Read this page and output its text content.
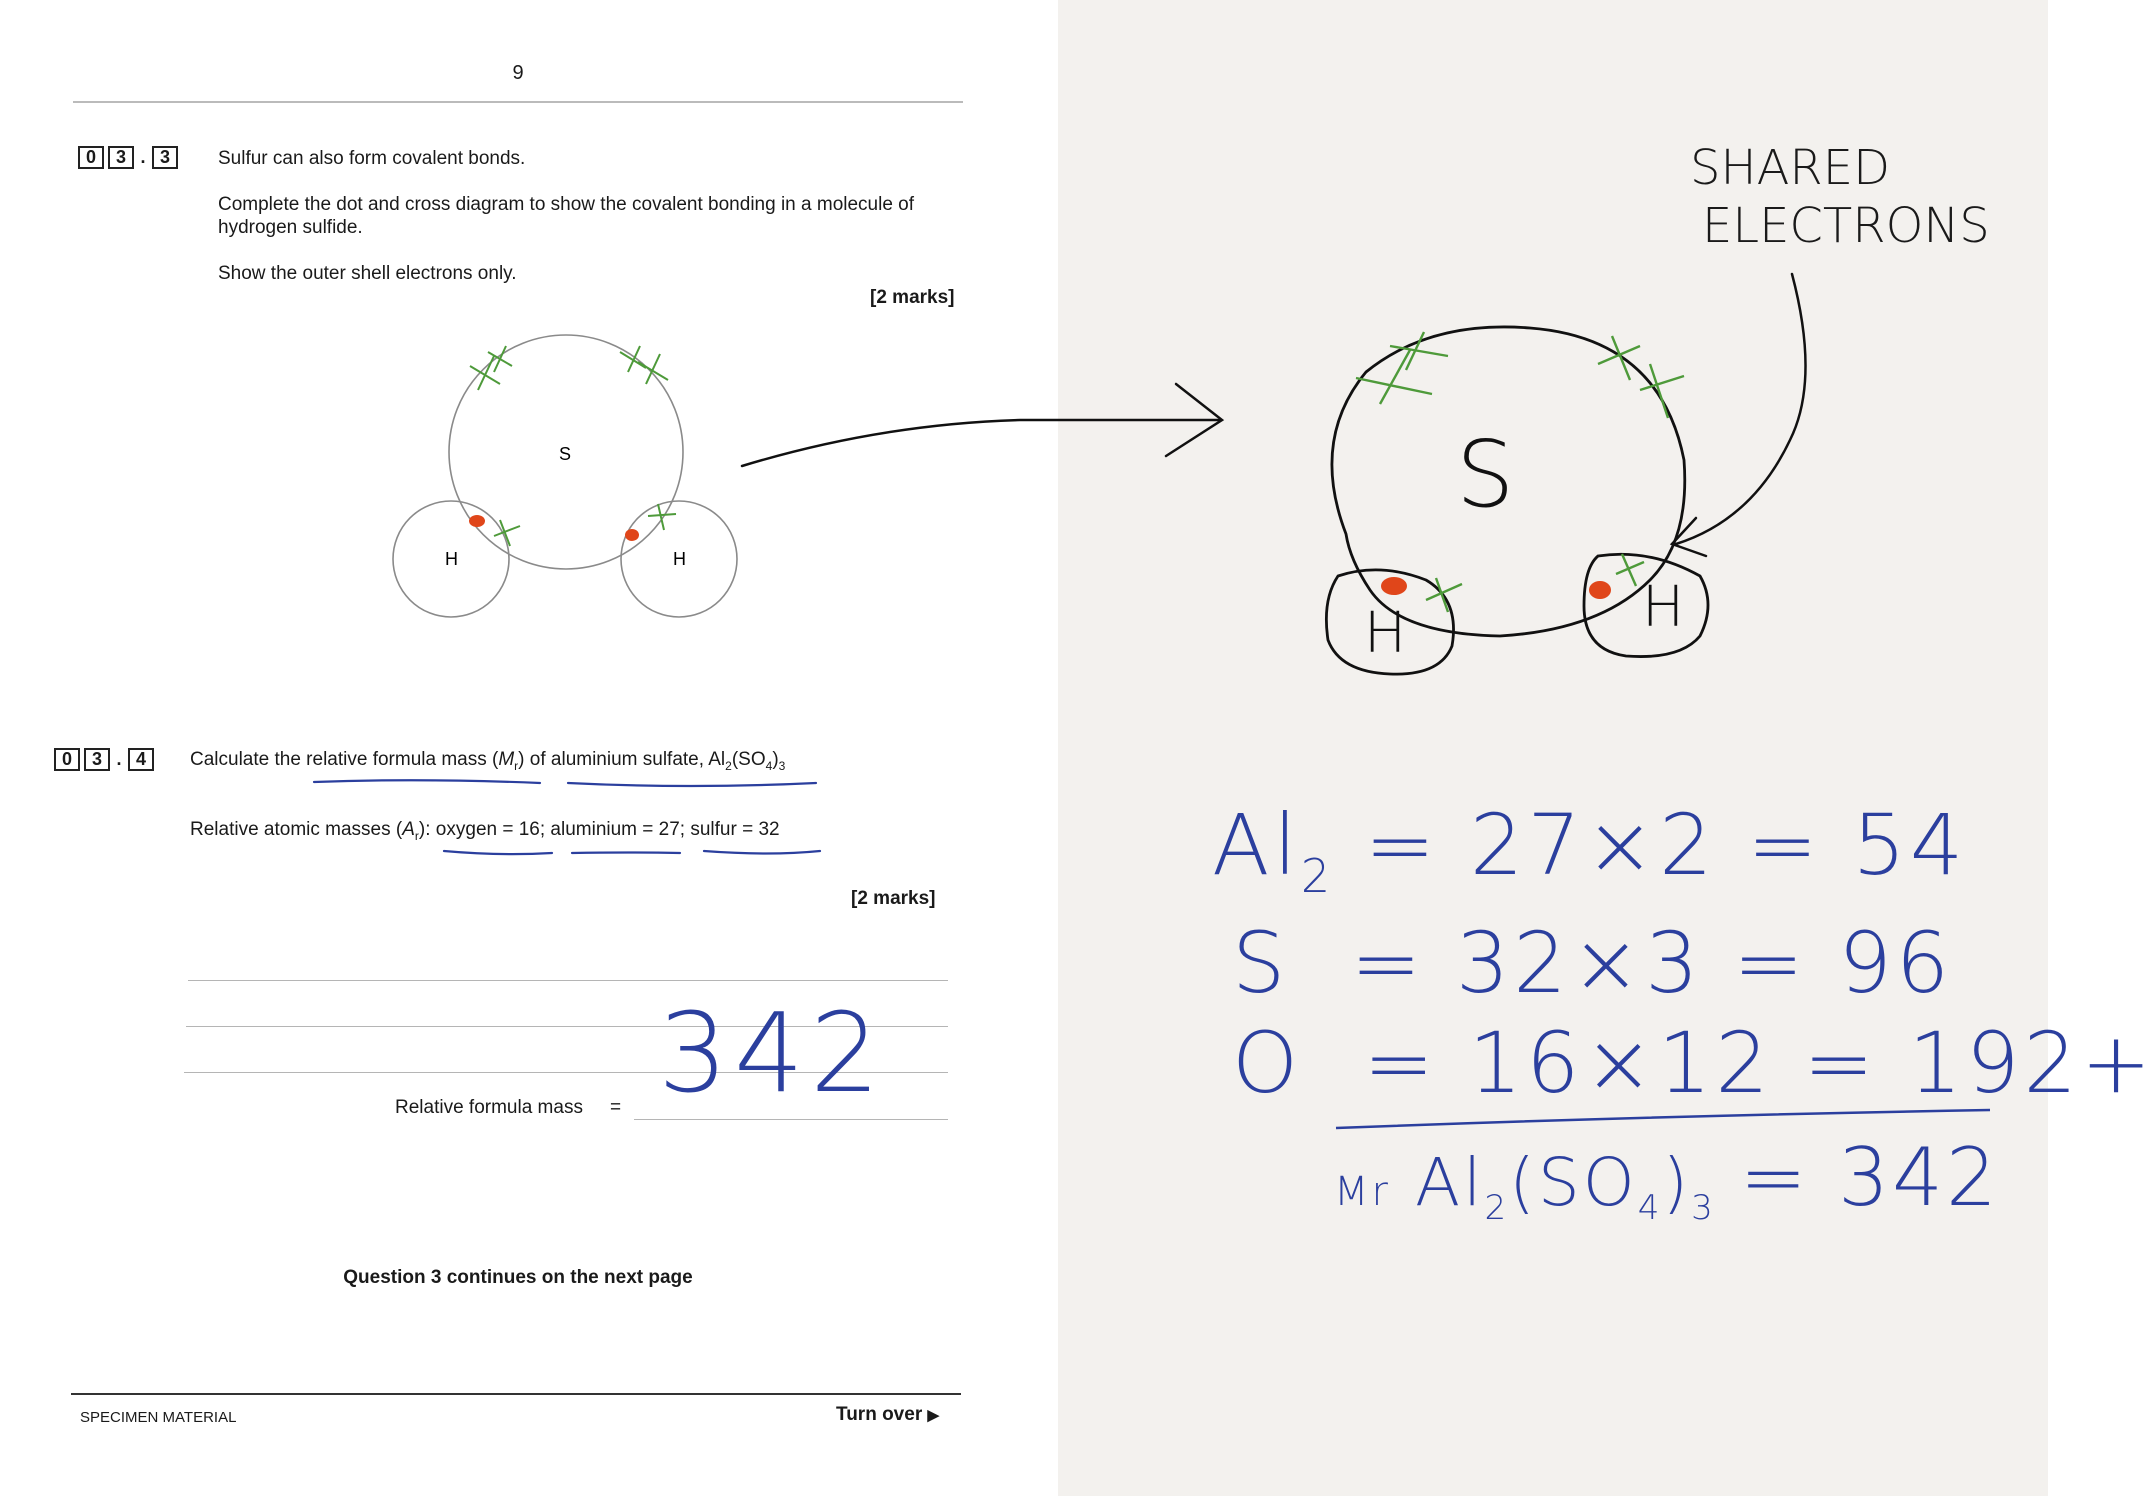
9
0	3 . 3	Sulfur can also form covalent bonds.
Complete the dot and cross diagram to show the covalent bonding in a molecule of
hydrogen sulfide.
Show the outer shell electrons only.
[2 marks]
S
H	H
0	3 . 4	Calculate the relative formula mass $(M_r)$ of aluminium sulfate, $Al_2(SO_4)_3$
Relative atomic masses $(A_r)$: oxygen = 16; aluminium = 27; sulfur = 32
[2 marks]
Relative formula mass = 342
Question 3 continues on the next page
SPECIMEN MATERIAL	Turn over ▶
SHARED
ELECTRONS
S
H	H
$Al_2 = 27\times 2 = 54$
S = 32×3 = 96
O = 16×12 = 192+
Mr $Al_2(SO_4)_3 = 342$
